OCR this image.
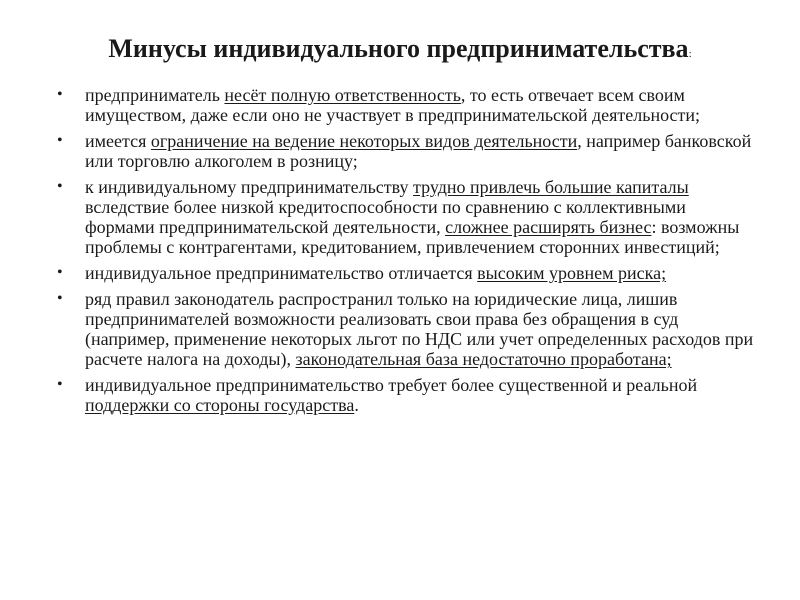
Минусы индивидуального предпринимательства:
• предприниматель несёт полную ответственность, то есть отвечает всем своим имуществом, даже если оно не участвует в предпринимательской деятельности;
• имеется ограничение на ведение некоторых видов деятельности, например банковской или торговлю алкоголем в розницу;
• к индивидуальному предпринимательству трудно привлечь большие капиталы вследствие более низкой кредитоспособности по сравнению с коллективными формами предпринимательской деятельности, сложнее расширять бизнес: возможны проблемы с контрагентами, кредитованием, привлечением сторонних инвестиций;
• индивидуальное предпринимательство отличается высоким уровнем риска;
• ряд правил законодатель распространил только на юридические лица, лишив предпринимателей возможности реализовать свои права без обращения в суд (например, применение некоторых льгот по НДС или учет определенных расходов при расчете налога на доходы), законодательная база недостаточно проработана;
• индивидуальное предпринимательство требует более существенной и реальной поддержки со стороны государства.
